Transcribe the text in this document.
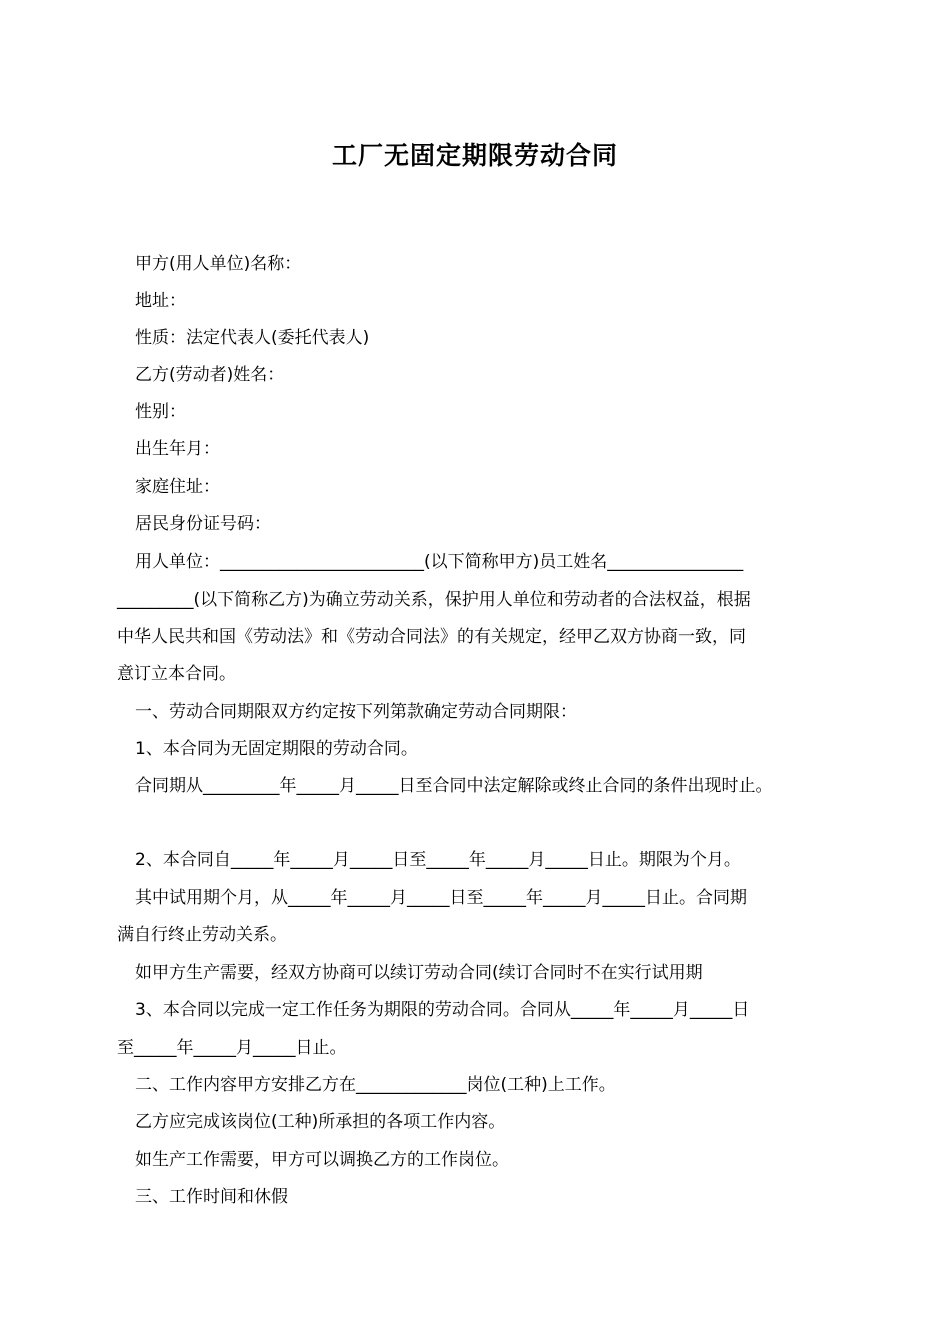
工厂无固定期限劳动合同
甲方(用人单位)名称：
地址：
性质：法定代表人(委托代表人)
乙方(劳动者)姓名：
性别：
出生年月：
家庭住址：
居民身份证号码：
用人单位：________________________(以下简称甲方)员工姓名________________
_________(以下简称乙方)为确立劳动关系，保护用人单位和劳动者的合法权益，根据
中华人民共和国《劳动法》和《劳动合同法》的有关规定，经甲乙双方协商一致，同
意订立本合同。
一、劳动合同期限双方约定按下列第款确定劳动合同期限：
1、本合同为无固定期限的劳动合同。
合同期从_________年_____月_____日至合同中法定解除或终止合同的条件出现时止。
2、本合同自_____年_____月_____日至_____年_____月_____日止。期限为个月。
其中试用期个月，从_____年_____月_____日至_____年_____月_____日止。合同期
满自行终止劳动关系。
如甲方生产需要，经双方协商可以续订劳动合同(续订合同时不在实行试用期
3、本合同以完成一定工作任务为期限的劳动合同。合同从_____年_____月_____日
至_____年_____月_____日止。
二、工作内容甲方安排乙方在_____________岗位(工种)上工作。
乙方应完成该岗位(工种)所承担的各项工作内容。
如生产工作需要，甲方可以调换乙方的工作岗位。
三、工作时间和休假
